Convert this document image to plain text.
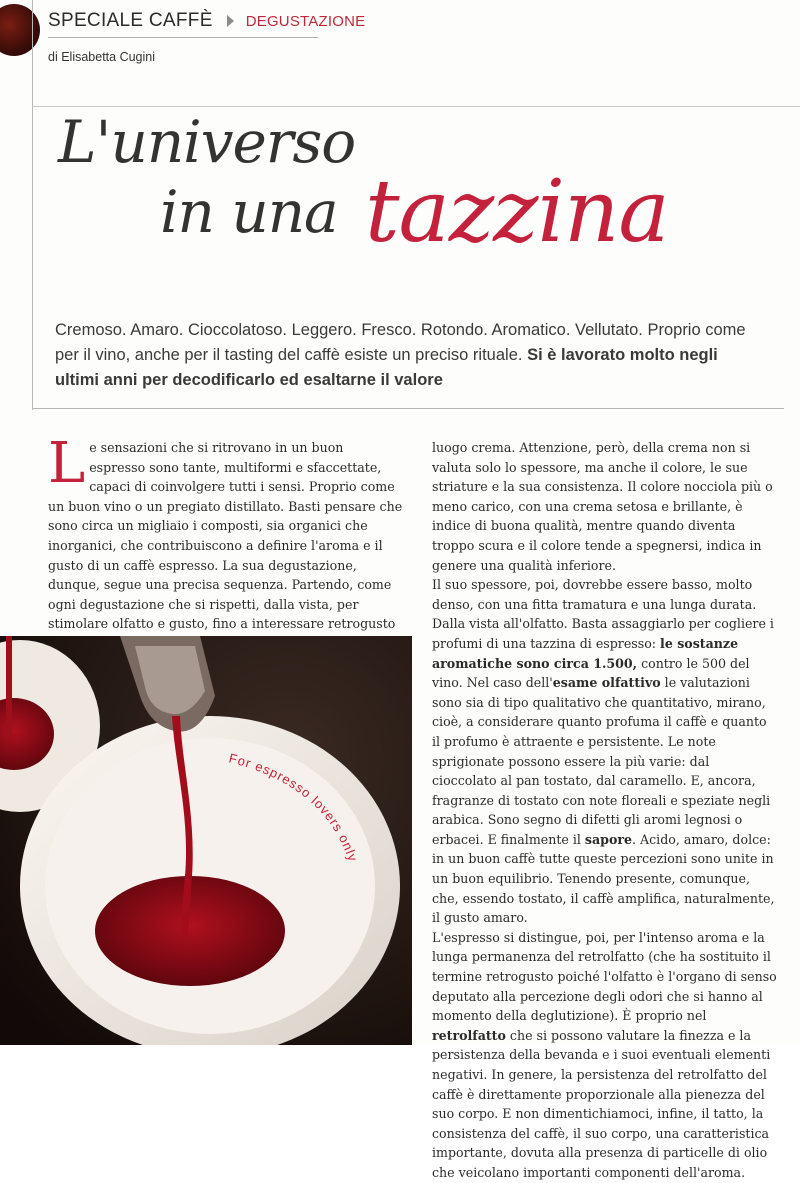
SPECIALE CAFFÈ DEGUSTAZIONE
di Elisabetta Cugini
L'universo
in una tazzina
Cremoso. Amaro. Cioccolatoso. Leggero. Fresco. Rotondo. Aromatico. Vellutato. Proprio come per il vino, anche per il tasting del caffè esiste un preciso rituale. Si è lavorato molto negli ultimi anni per decodificarlo ed esaltarne il valore

Le sensazioni che si ritrovano in un buon espresso sono tante, multiformi e sfaccettate, capaci di coinvolgere tutti i sensi. Proprio come un buon vino o un pregiato distillato. Basti pensare che sono circa un migliaio i composti, sia organici che inorganici, che contribuiscono a definire l'aroma e il gusto di un caffè espresso. La sua degustazione, dunque, segue una precisa sequenza. Partendo, come ogni degustazione che si rispetti, dalla vista, per stimolare olfatto e gusto, fino a interessare retrogusto

luogo crema. Attenzione, però, della crema non si valuta solo lo spessore, ma anche il colore, le sue striature e la sua consistenza. Il colore nocciola più o meno carico, con una crema setosa e brillante, è indice di buona qualità, mentre quando diventa troppo scura e il colore tende a spegnersi, indica in genere una qualità inferiore.

Il suo spessore, poi, dovrebbe essere basso, molto denso, con una fitta tramatura e una lunga durata.

Dalla vista all'olfatto. Basta assaggiarlo per cogliere i profumi di una tazzina di espresso: le sostanze aromatiche sono circa 1.500, contro le 500 del vino. Nel caso dell'esame olfattivo le valutazioni sono sia di tipo qualitativo che quantitativo, mirano, cioè, a considerare quanto profuma il caffè e quanto il profumo è attraente e persistente. Le note sprigionate possono essere la più varie: dal cioccolato al pan tostato, dal caramello. E, ancora, fragranze di tostato con note floreali e speziate negli arabica. Sono segno di difetti gli aromi legnosi o erbacei. E finalmente il sapore. Acido, amaro, dolce: in un buon caffè tutte queste percezioni sono unite in un buon equilibrio. Tenendo presente, comunque, che, essendo tostato, il caffè amplifica, naturalmente, il gusto amaro.

L'espresso si distingue, poi, per l'intenso aroma e la lunga permanenza del retrolfatto (che ha sostituito il termine retrogusto poiché l'olfatto è l'organo di senso deputato alla percezione degli odori che si hanno al momento della deglutizione). È proprio nel retrolfatto che si possono valutare la finezza e la persistenza della bevanda e i suoi eventuali elementi negativi. In genere, la persistenza del retrolfatto del caffè è direttamente proporzionale alla pienezza del suo corpo. E non dimentichiamoci, infine, il tatto, la consistenza del caffè, il suo corpo, una caratteristica importante, dovuta alla presenza di particelle di olio che veicolano importanti componenti dell'aroma.

For espresso lovers only
